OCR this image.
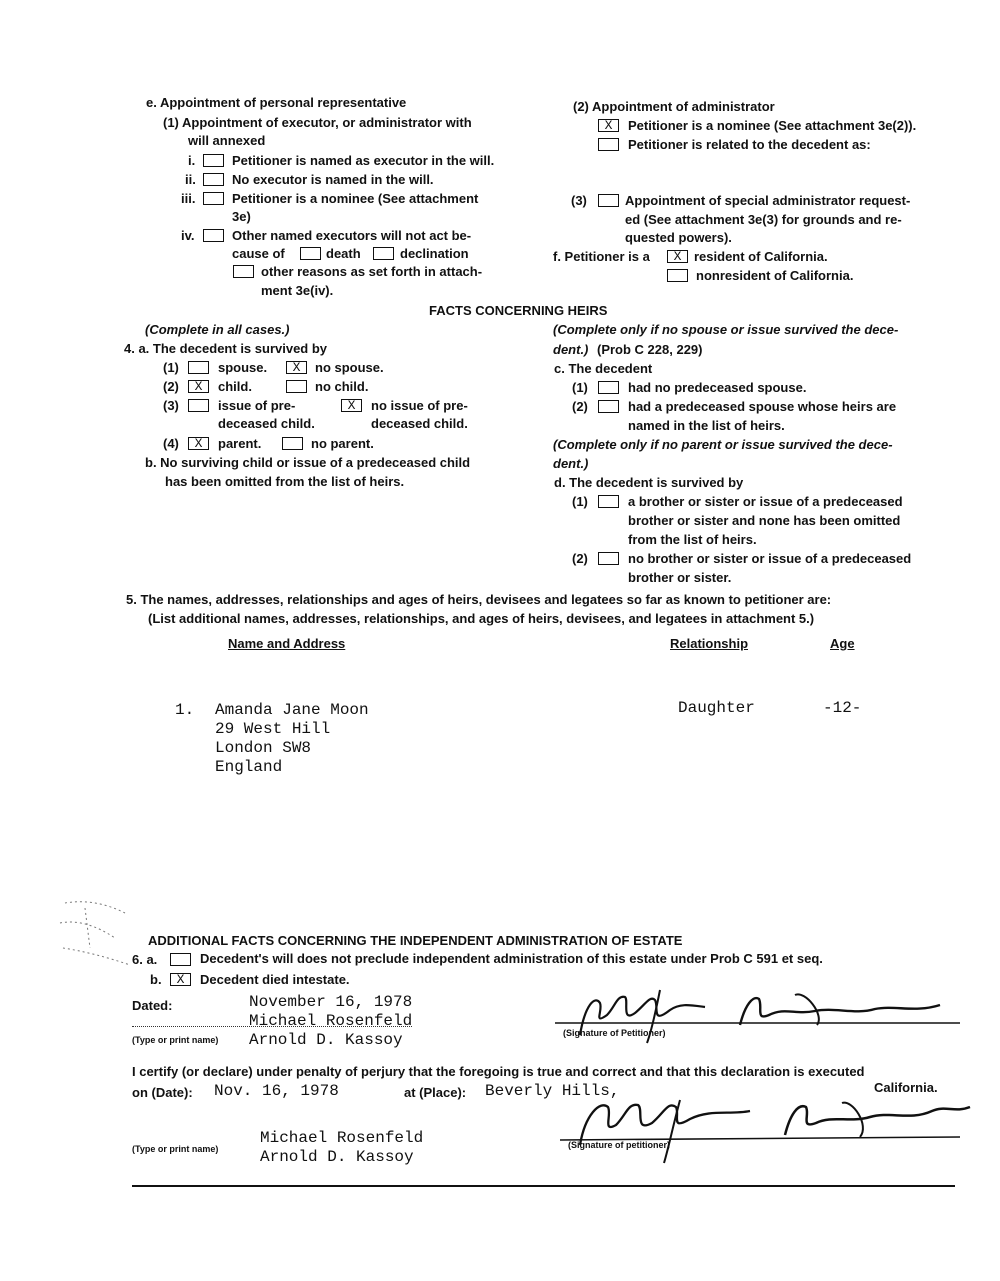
e. Appointment of personal representative
(1) Appointment of executor, or administrator with
will annexed
i.	Petitioner is named as executor in the will.
ii.	No executor is named in the will.
iii.	Petitioner is a nominee (See attachment
3e)
iv.	Other named executors will not act be-
cause of	death	declination
other reasons as set forth in attach-
ment 3e(iv).
(2) Appointment of administrator
X	Petitioner is a nominee (See attachment 3e(2)).
Petitioner is related to the decedent as:
(3)	Appointment of special administrator request-
ed (See attachment 3e(3) for grounds and re-
quested powers).
f. Petitioner is a	X resident of California.
nonresident of California.
FACTS CONCERNING HEIRS
(Complete in all cases.)
4. a. The decedent is survived by
(1)	spouse.	X	no spouse.
(2)	X	child.	no child.
(3)	issue of pre-
deceased child.
X	no issue of pre-
deceased child.
(4)	X	parent.	no parent.
b. No surviving child or issue of a predeceased child
has been omitted from the list of heirs.
(Complete only if no spouse or issue survived the dece-
dent.) (Prob C 228, 229)
c. The decedent
(1)	had no predeceased spouse.
(2)	had a predeceased spouse whose heirs are
named in the list of heirs.
(Complete only if no parent or issue survived the dece-
dent.)
d. The decedent is survived by
(1)	a brother or sister or issue of a predeceased
brother or sister and none has been omitted
from the list of heirs.
(2)	no brother or sister or issue of a predeceased
brother or sister.
5. The names, addresses, relationships and ages of heirs, devisees and legatees so far as known to petitioner are:
(List additional names, addresses, relationships, and ages of heirs, devisees, and legatees in attachment 5.)
Name and Address	Relationship	Age
1. Amanda Jane Moon
29 West Hill
London SW8
England
Daughter	-12-
ADDITIONAL FACTS CONCERNING THE INDEPENDENT ADMINISTRATION OF ESTATE
6. a.	Decedent's will does not preclude independent administration of this estate under Prob C 591 et seq.
b.	X	Decedent died intestate.
Dated:	November 16, 1978
Michael Rosenfeld
Arnold D. Kassoy
(Type or print name)
(Signature of Petitioner)
I certify (or declare) under penalty of perjury that the foregoing is true and correct and that this declaration is executed
on (Date): Nov. 16, 1978	at (Place): Beverly Hills,	California.
(Type or print name)
Michael Rosenfeld
Arnold D. Kassoy
(Signature of petitioner)
